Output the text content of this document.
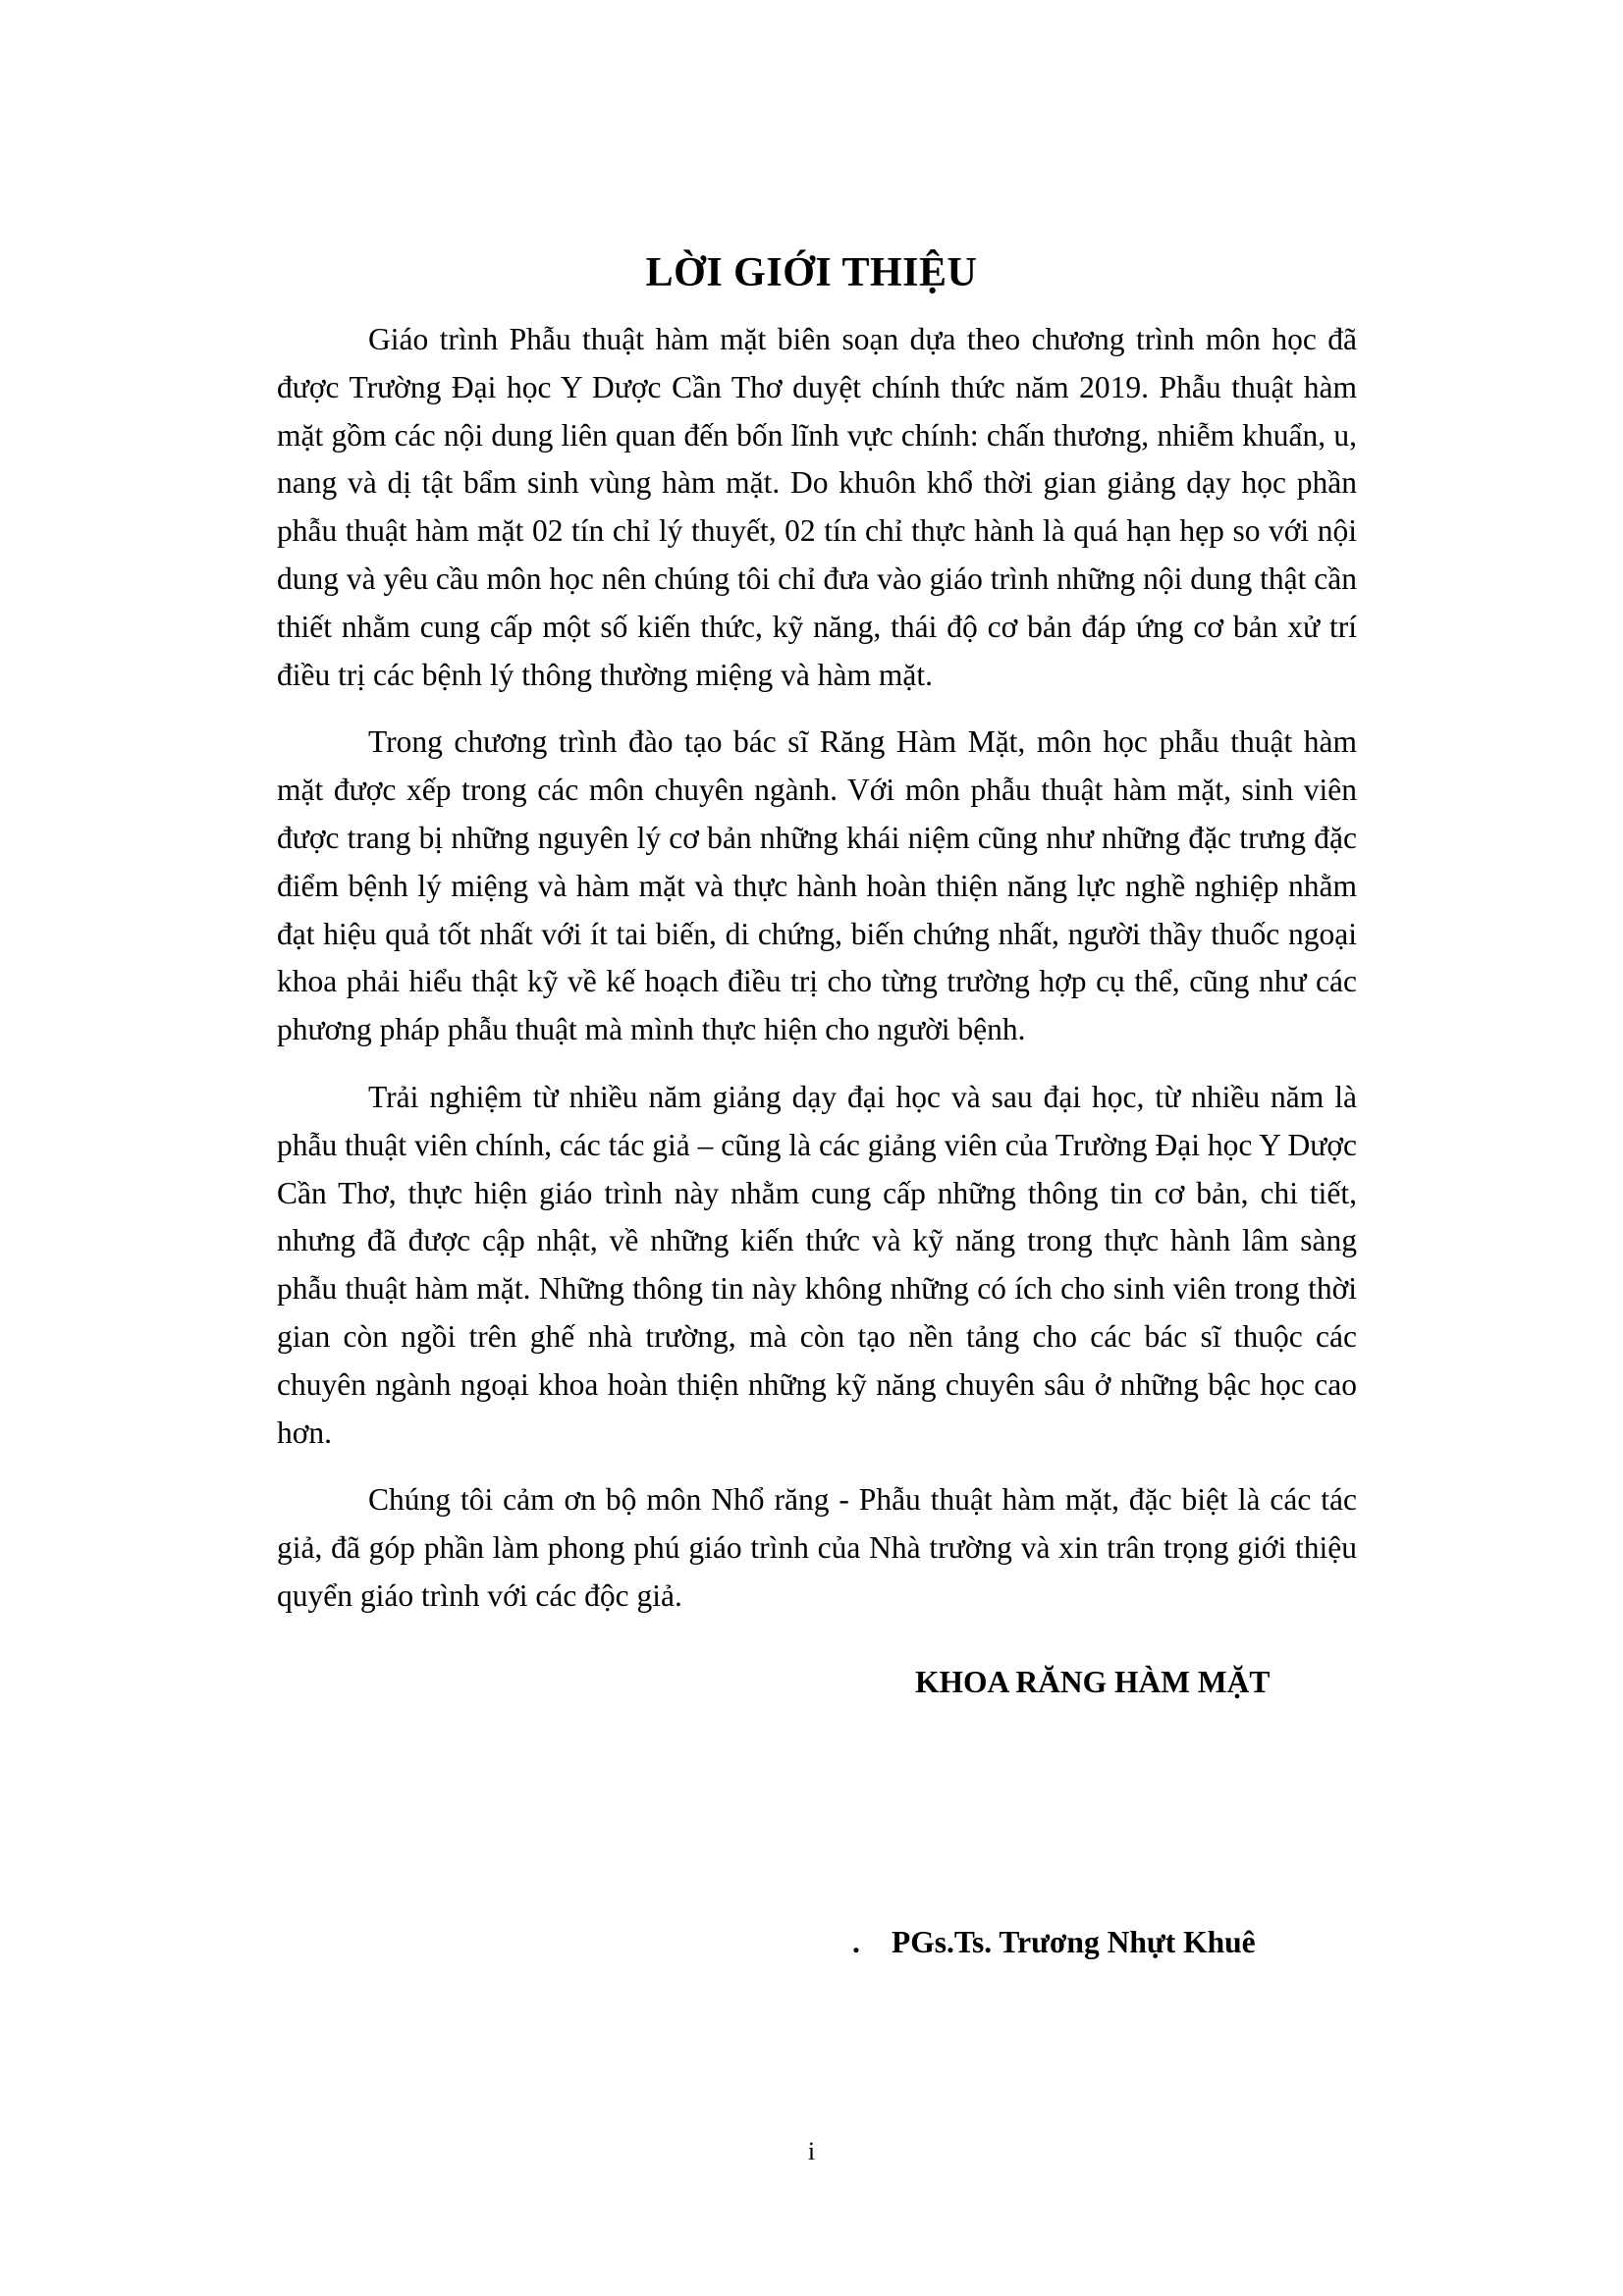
LỜI GIỚI THIỆU

Giáo trình Phẫu thuật hàm mặt biên soạn dựa theo chương trình môn học đã được Trường Đại học Y Dược Cần Thơ duyệt chính thức năm 2019. Phẫu thuật hàm mặt gồm các nội dung liên quan đến bốn lĩnh vực chính: chấn thương, nhiễm khuẩn, u, nang và dị tật bẩm sinh vùng hàm mặt. Do khuôn khổ thời gian giảng dạy học phần phẫu thuật hàm mặt 02 tín chỉ lý thuyết, 02 tín chỉ thực hành là quá hạn hẹp so với nội dung và yêu cầu môn học nên chúng tôi chỉ đưa vào giáo trình những nội dung thật cần thiết nhằm cung cấp một số kiến thức, kỹ năng, thái độ cơ bản đáp ứng cơ bản xử trí điều trị các bệnh lý thông thường miệng và hàm mặt.

Trong chương trình đào tạo bác sĩ Răng Hàm Mặt, môn học phẫu thuật hàm mặt được xếp trong các môn chuyên ngành. Với môn phẫu thuật hàm mặt, sinh viên được trang bị những nguyên lý cơ bản những khái niệm cũng như những đặc trưng đặc điểm bệnh lý miệng và hàm mặt và thực hành hoàn thiện năng lực nghề nghiệp nhằm đạt hiệu quả tốt nhất với ít tai biến, di chứng, biến chứng nhất, người thầy thuốc ngoại khoa phải hiểu thật kỹ về kế hoạch điều trị cho từng trường hợp cụ thể, cũng như các phương pháp phẫu thuật mà mình thực hiện cho người bệnh.

Trải nghiệm từ nhiều năm giảng dạy đại học và sau đại học, từ nhiều năm là phẫu thuật viên chính, các tác giả – cũng là các giảng viên của Trường Đại học Y Dược Cần Thơ, thực hiện giáo trình này nhằm cung cấp những thông tin cơ bản, chi tiết, nhưng đã được cập nhật, về những kiến thức và kỹ năng trong thực hành lâm sàng phẫu thuật hàm mặt. Những thông tin này không những có ích cho sinh viên trong thời gian còn ngồi trên ghế nhà trường, mà còn tạo nền tảng cho các bác sĩ thuộc các chuyên ngành ngoại khoa hoàn thiện những kỹ năng chuyên sâu ở những bậc học cao hơn.

Chúng tôi cảm ơn bộ môn Nhổ răng - Phẫu thuật hàm mặt, đặc biệt là các tác giả, đã góp phần làm phong phú giáo trình của Nhà trường và xin trân trọng giới thiệu quyển giáo trình với các độc giả.

KHOA RĂNG HÀM MẶT
. PGs.Ts. Trương Nhựt Khuê
i
